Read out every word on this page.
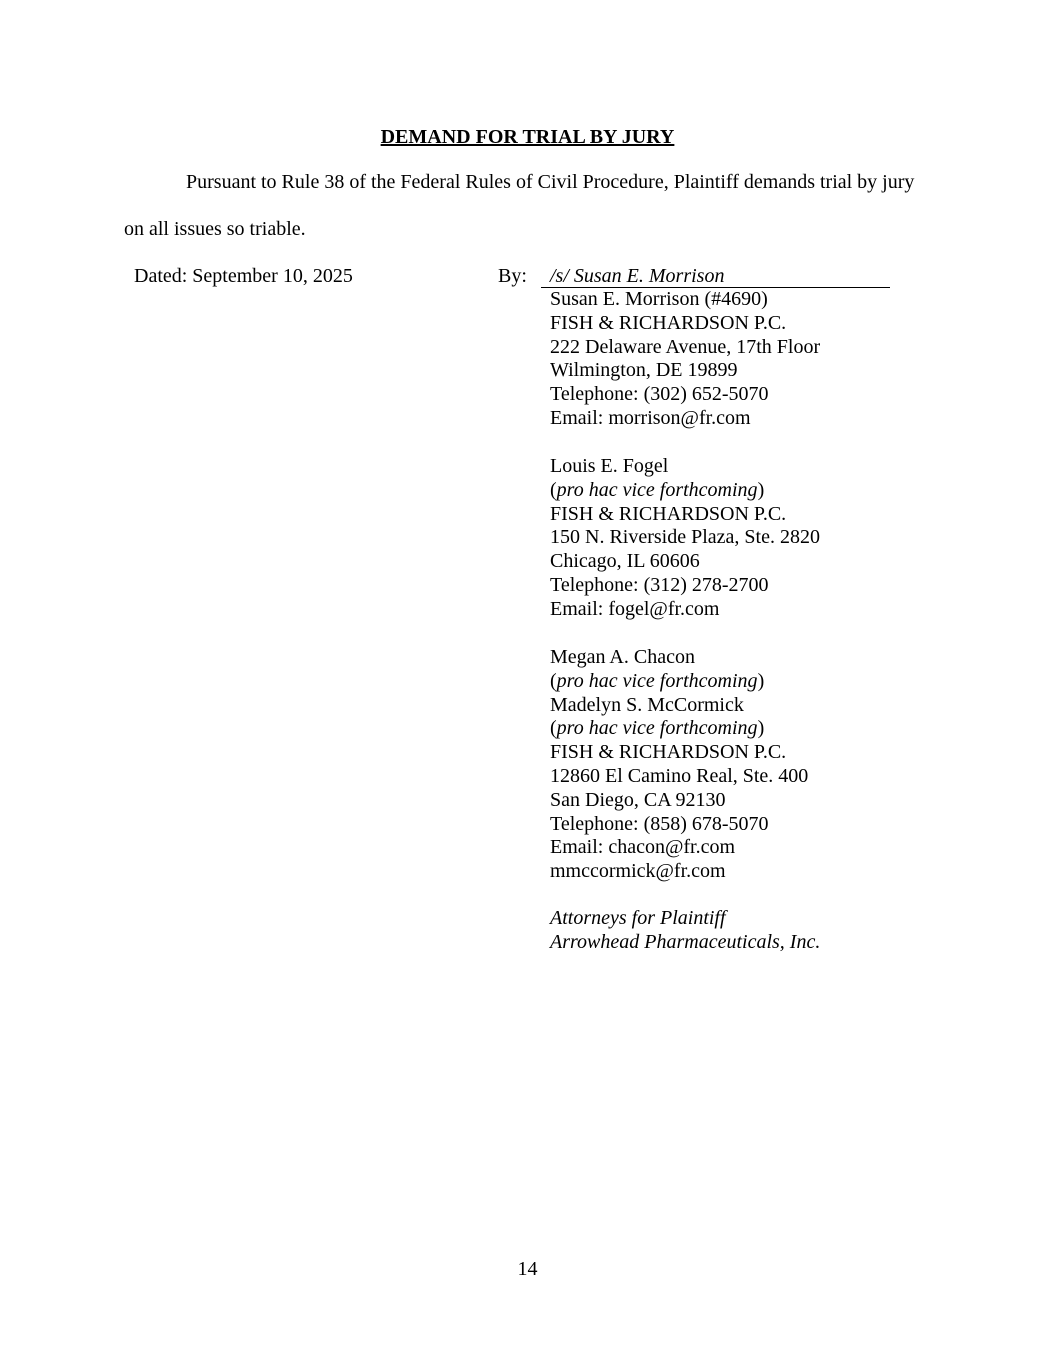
DEMAND FOR TRIAL BY JURY
Pursuant to Rule 38 of the Federal Rules of Civil Procedure, Plaintiff demands trial by jury
on all issues so triable.
Dated: September 10, 2025	By: /s/ Susan E. Morrison
Susan E. Morrison (#4690)
FISH & RICHARDSON P.C.
222 Delaware Avenue, 17th Floor
Wilmington, DE 19899
Telephone: (302) 652-5070
Email: morrison@fr.com
Louis E. Fogel
(pro hac vice forthcoming)
FISH & RICHARDSON P.C.
150 N. Riverside Plaza, Ste. 2820
Chicago, IL 60606
Telephone: (312) 278-2700
Email: fogel@fr.com
Megan A. Chacon
(pro hac vice forthcoming)
Madelyn S. McCormick
(pro hac vice forthcoming)
FISH & RICHARDSON P.C.
12860 El Camino Real, Ste. 400
San Diego, CA 92130
Telephone: (858) 678-5070
Email: chacon@fr.com
mmccormick@fr.com
Attorneys for Plaintiff
Arrowhead Pharmaceuticals, Inc.
14
